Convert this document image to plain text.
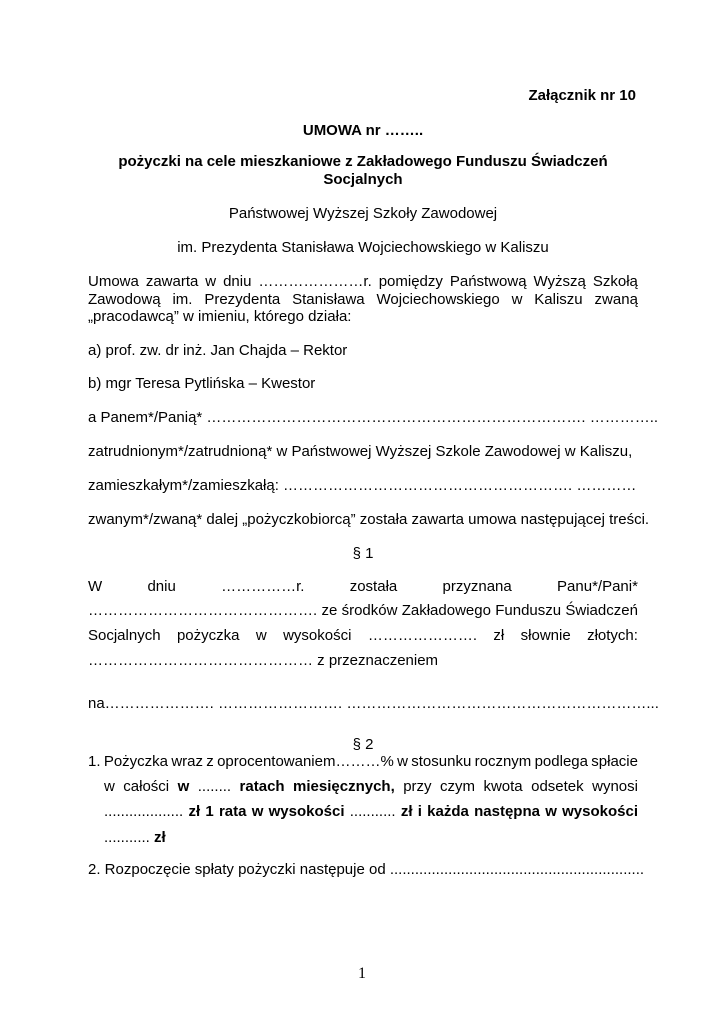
Załącznik nr 10
UMOWA nr ……..
pożyczki na cele mieszkaniowe z Zakładowego Funduszu Świadczeń
Socjalnych
Państwowej Wyższej Szkoły Zawodowej
im. Prezydenta Stanisława Wojciechowskiego w Kaliszu
Umowa zawarta w dniu …………………r. pomiędzy Państwową Wyższą Szkołą
Zawodową im. Prezydenta Stanisława Wojciechowskiego w Kaliszu zwaną
„pracodawcą” w imieniu, którego działa:
a) prof. zw. dr inż. Jan Chajda – Rektor
b) mgr Teresa Pytlińska – Kwestor
a Panem*/Panią* …………………………………………………………………. …………..
zatrudnionym*/zatrudnioną* w Państwowej Wyższej Szkole Zawodowej w Kaliszu,
zamieszkałym*/zamieszkałą: …………………………………………………. …………
zwanym*/zwaną* dalej „pożyczkobiorcą” została zawarta umowa następującej treści.
§ 1
W	dniu	……………r.	została	przyznana	Panu*/Pani*
………………………………………. ze środków Zakładowego Funduszu Świadczeń
Socjalnych pożyczka w wysokości …………………. zł słownie złotych:
……………………………………… z przeznaczeniem
na…………………. ……………………. ……………………………………………………...
§ 2
1. Pożyczka wraz z oprocentowaniem………% w stosunku rocznym podlega spłacie
w całości w ........ ratach miesięcznych, przy czym kwota odsetek wynosi
................... zł 1 rata w wysokości ........... zł i każda następna w wysokości
........... zł
2. Rozpoczęcie spłaty pożyczki następuje od .............................................................
1
